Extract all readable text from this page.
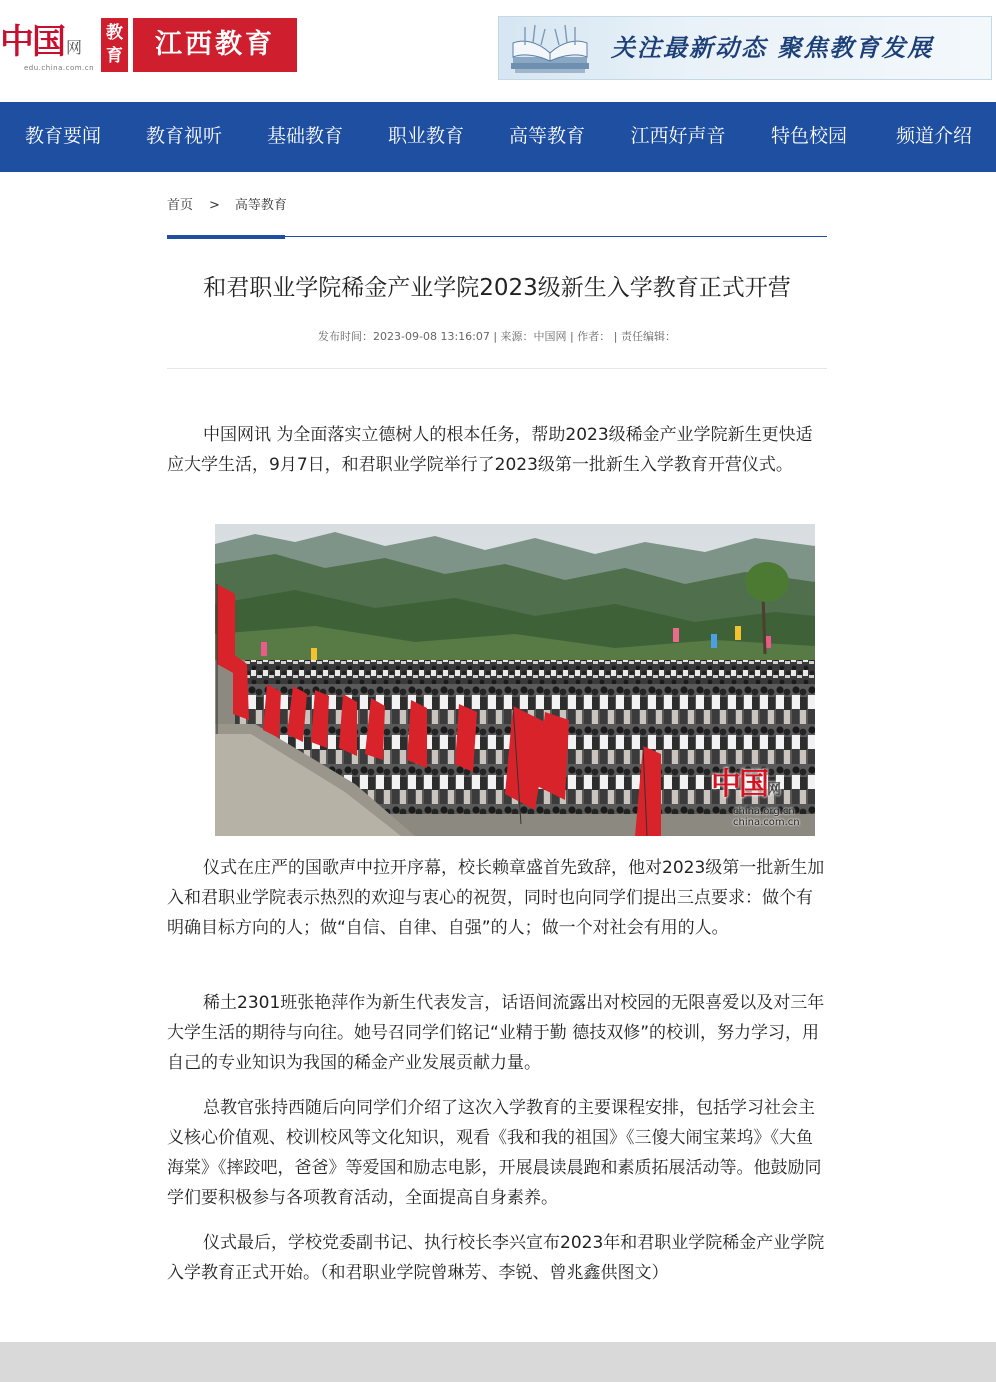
中国 网
edu.china.com.cn
教育	江西教育	关注最新动态 聚焦教育发展
教育要闻	教育视听	基础教育	职业教育	高等教育	江西好声音	特色校园	频道介绍
首页 > 高等教育
和君职业学院稀金产业学院2023级新生入学教育正式开营
发布时间：2023-09-08 13:16:07 | 来源：中国网 | 作者： | 责任编辑：

中国网讯 为全面落实立德树人的根本任务，帮助2023级稀金产业学院新生更快适应大学生活，9月7日，和君职业学院举行了2023级第一批新生入学教育开营仪式。

中国网
china.org.cn
china.com.cn

仪式在庄严的国歌声中拉开序幕，校长赖章盛首先致辞，他对2023级第一批新生加入和君职业学院表示热烈的欢迎与衷心的祝贺，同时也向同学们提出三点要求：做个有明确目标方向的人；做“自信、自律、自强”的人；做一个对社会有用的人。

稀土2301班张艳萍作为新生代表发言，话语间流露出对校园的无限喜爱以及对三年大学生活的期待与向往。她号召同学们铭记“业精于勤 德技双修”的校训，努力学习，用自己的专业知识为我国的稀金产业发展贡献力量。

总教官张持西随后向同学们介绍了这次入学教育的主要课程安排，包括学习社会主义核心价值观、校训校风等文化知识，观看《我和我的祖国》《三傻大闹宝莱坞》《大鱼海棠》《摔跤吧，爸爸》等爱国和励志电影，开展晨读晨跑和素质拓展活动等。他鼓励同学们要积极参与各项教育活动，全面提高自身素养。

仪式最后，学校党委副书记、执行校长李兴宣布2023年和君职业学院稀金产业学院入学教育正式开始。（和君职业学院曾琳芳、李锐、曾兆鑫供图文）
